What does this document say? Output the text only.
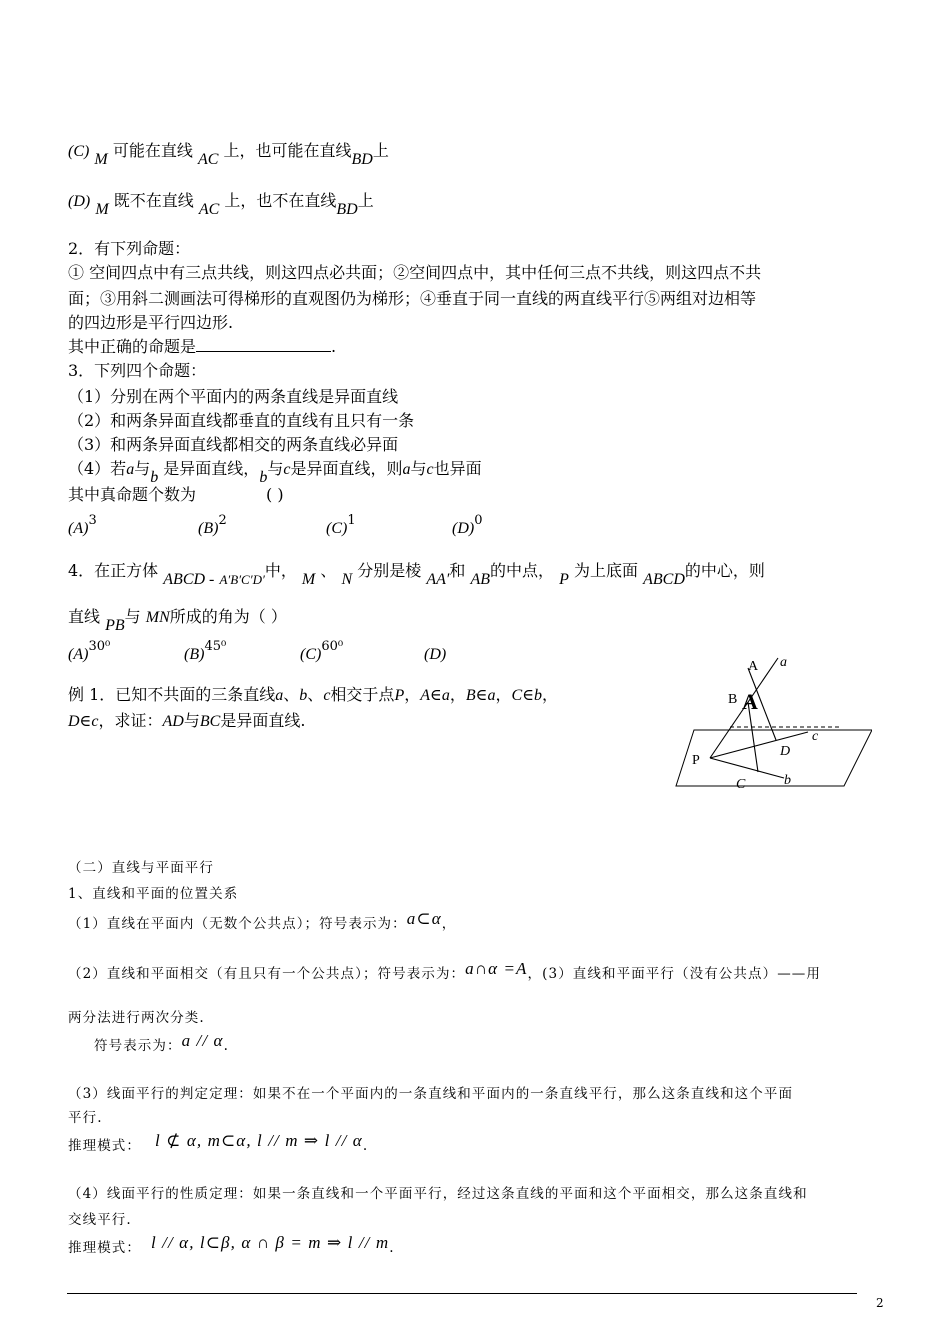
(C) M 可能在直线 AC 上，也可能在直线BD上
(D) M 既不在直线 AC 上，也不在直线BD上
2．有下列命题：
① 空间四点中有三点共线，则这四点必共面；②空间四点中，其中任何三点不共线，则这四点不共
面；③用斜二测画法可得梯形的直观图仍为梯形；④垂直于同一直线的两直线平行⑤两组对边相等
的四边形是平行四边形.
其中正确的命题是	.
3．下列四个命题：
（1）分别在两个平面内的两条直线是异面直线
（2）和两条异面直线都垂直的直线有且只有一条
（3）和两条异面直线都相交的两条直线必异面
（4）若a与b 是异面直线，b与c是异面直线，则a与c也异面
其中真命题个数为	( )
$(A)^3$	$(B)^2$	$(C)^1$	$(D)^0$
4．在正方体 ABCD - $_{A'B'C'D'}$中， M 、 N 分别是棱 AA′和 AB的中点， P 为上底面 ABCD的中心，则
直线 PB与 MN所成的角为（ ）
$(A)^{30^0}$	$(B)^{45^0}$	$(C)^{60^0}$	(D)
例 1．已知不共面的三条直线a、b、c相交于点P，A∈a，B∈a，C∈b，
D∈c，求证：AD与BC是异面直线.
A a
A
B
c
D
P
C	b
（二）直线与平面平行
1、直线和平面的位置关系
（1）直线在平面内（无数个公共点）；符号表示为：a⊂α，
（2）直线和平面相交（有且只有一个公共点）；符号表示为：a∩α =A，(3）直线和平面平行（没有公共点）——用
两分法进行两次分类.
符号表示为：a // α.
（3）线面平行的判定定理：如果不在一个平面内的一条直线和平面内的一条直线平行，那么这条直线和这个平面
平行.
推理模式： l ⊄ α, m⊂α, l // m ⇒ l // α.
（4）线面平行的性质定理：如果一条直线和一个平面平行，经过这条直线的平面和这个平面相交，那么这条直线和
交线平行.
推理模式： l // α, l⊂β, α ∩ β = m ⇒ l // m.
2
